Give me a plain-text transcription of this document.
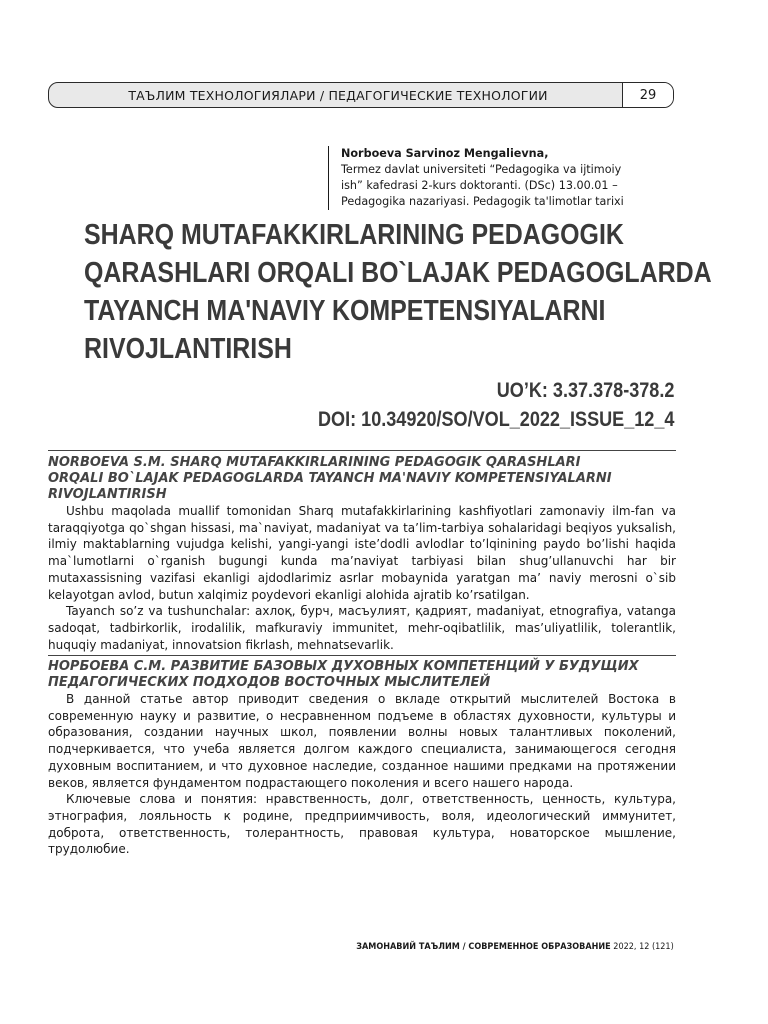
ТАЪЛИМ ТЕХНОЛОГИЯЛАРИ / ПЕДАГОГИЧЕСКИЕ ТЕХНОЛОГИИ	29
Norboeva Sarvinoz Mengalievna,
Termez davlat universiteti “Pedagogika va ijtimoiy
ish” kafedrasi 2-kurs doktoranti. (DSc) 13.00.01 –
Pedagogika nazariyasi. Pedagogik ta'limotlar tarixi
SHARQ MUTAFAKKIRLARINING PEDAGOGIK
QARASHLARI ORQALI BO`LAJAK PEDAGOGLARDA
TAYANCH MA'NAVIY KOMPETENSIYALARNI
RIVOJLANTIRISH
UO’K: 3.37.378-378.2
DOI: 10.34920/SO/VOL_2022_ISSUE_12_4
NORBOEVA S.M. SHARQ MUTAFAKKIRLARINING PEDAGOGIK QARASHLARI
ORQALI BO`LAJAK PEDAGOGLARDA TAYANCH MA'NAVIY KOMPETENSIYALARNI
RIVOJLANTIRISH

Ushbu maqolada muallif tomonidan Sharq mutafakkirlarining kashfiyotlari zamonaviy ilm-fan va taraqqiyotga qo`shgan hissasi, ma`naviyat, madaniyat va ta’lim-tarbiya sohalaridagi beqiyos yuksalish, ilmiy maktablarning vujudga kelishi, yangi-yangi iste’dodli avlodlar to’lqinining paydo bo’lishi haqida ma`lumotlarni o`rganish bugungi kunda ma’naviyat tarbiyasi bilan shug’ullanuvchi har bir mutaxassisning vazifasi ekanligi ajdodlarimiz asrlar mobaynida yaratgan ma’ naviy merosni o`sib kelayotgan avlod, butun xalqimiz poydevori ekanligi alohida ajratib ko’rsatilgan.

Tayanch so’z va tushunchalar: ахлоқ, бурч, масъулият, қадрият, madaniyat, etnografiya, vatanga sadoqat, tadbirkorlik, irodalilik, mafkuraviy immunitet, mehr-oqibatlilik, mas’uliyatlilik, tolerantlik, huquqiy madaniyat, innovatsion fikrlash, mehnatsevarlik.

НОРБОЕВА С.М. РАЗВИТИЕ БАЗОВЫХ ДУХОВНЫХ КОМПЕТЕНЦИЙ У БУДУЩИХ
ПЕДАГОГИЧЕСКИХ ПОДХОДОВ ВОСТОЧНЫХ МЫСЛИТЕЛЕЙ

В данной статье автор приводит сведения о вкладе открытий мыслителей Востока в современную науку и развитие, о несравненном подъеме в областях духовности, культуры и образования, создании научных школ, появлении волны новых талантливых поколений, подчеркивается, что учеба является долгом каждого специалиста, занимающегося сегодня духовным воспитанием, и что духовное наследие, созданное нашими предками на протяжении веков, является фундаментом подрастающего поколения и всего нашего народа.

Ключевые слова и понятия: нравственность, долг, ответственность, ценность, культура, этнография, лояльность к родине, предприимчивость, воля, идеологический иммунитет, доброта, ответственность, толерантность, правовая культура, новаторское мышление, трудолюбие.

ЗАМОНАВИЙ ТАЪЛИМ / СОВРЕМЕННОЕ ОБРАЗОВАНИЕ 2022, 12 (121)
